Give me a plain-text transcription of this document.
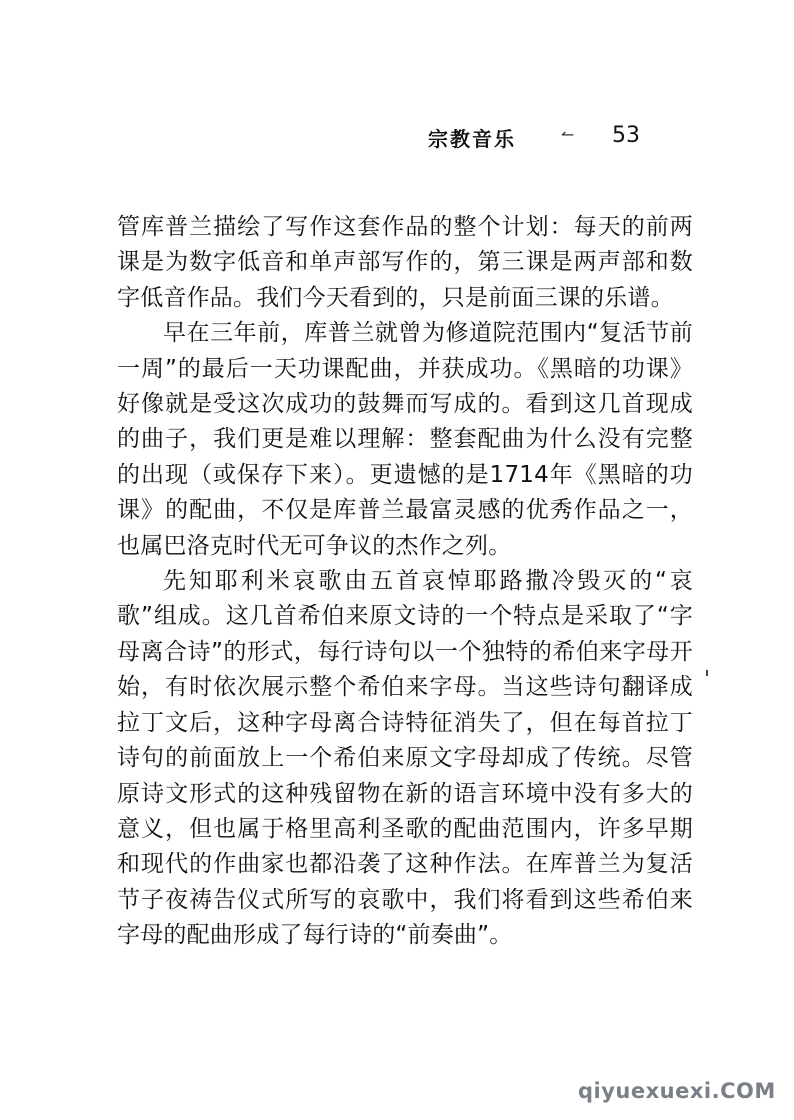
宗教音乐	↼ 53

管库普兰描绘了写作这套作品的整个计划：每天的前两课是为数字低音和单声部写作的，第三课是两声部和数字低音作品。我们今天看到的，只是前面三课的乐谱。

早在三年前，库普兰就曾为修道院范围内“复活节前一周”的最后一天功课配曲，并获成功。《黑暗的功课》好像就是受这次成功的鼓舞而写成的。看到这几首现成的曲子，我们更是难以理解：整套配曲为什么没有完整的出现（或保存下来）。更遗憾的是1714年《黑暗的功课》的配曲，不仅是库普兰最富灵感的优秀作品之一，也属巴洛克时代无可争议的杰作之列。

先知耶利米哀歌由五首哀悼耶路撒冷毁灭的“哀歌”组成。这几首希伯来原文诗的一个特点是采取了“字母离合诗”的形式，每行诗句以一个独特的希伯来字母开始，有时依次展示整个希伯来字母。当这些诗句翻译成拉丁文后，这种字母离合诗特征消失了，但在每首拉丁诗句的前面放上一个希伯来原文字母却成了传统。尽管原诗文形式的这种残留物在新的语言环境中没有多大的意义，但也属于格里高利圣歌的配曲范围内，许多早期和现代的作曲家也都沿袭了这种作法。在库普兰为复活节子夜祷告仪式所写的哀歌中，我们将看到这些希伯来字母的配曲形成了每行诗的“前奏曲”。

qiyuexuexi.COM
